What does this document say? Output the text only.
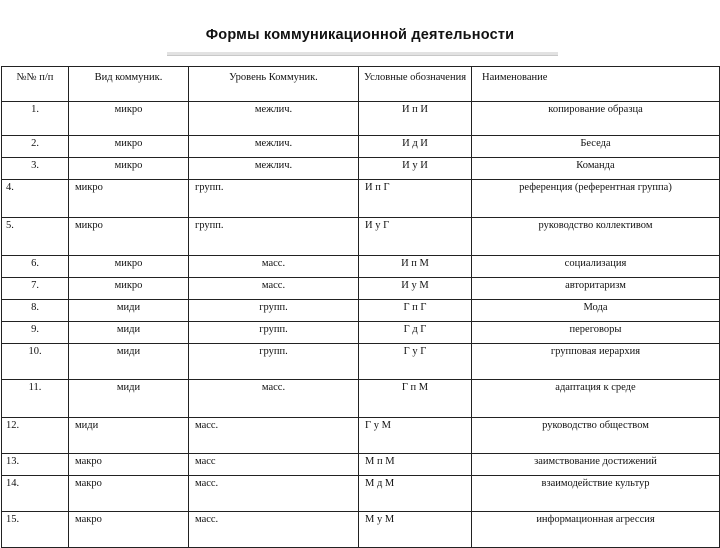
Формы коммуникационной деятельности
№№ п/п	Вид коммуник.	Уровень Коммуник.	Условные обозначения	Наименование
1.	микро	межлич.	И п И	копирование образца
2.	микро	межлич.	И д И	Беседа
3.	микро	межлич.	И у И	Команда
4.	микро	групп.	И п Г	референция (референтная группа)
5.	микро	групп.	И у Г	руководство коллективом
6.	микро	масс.	И п М	социализация
7.	микро	масс.	И у М	авторитаризм
8.	миди	групп.	Г п Г	Мода
9.	миди	групп.	Г д Г	переговоры
10.	миди	групп.	Г у Г	групповая иерархия
11.	миди	масс.	Г п М	адаптация к среде
12.	миди	масс.	Г у М	руководство обществом
13.	макро	масс	М п М	заимствование достижений
14.	макро	масс.	М д М	взаимодействие культур
15.	макро	масс.	М у М	информационная агрессия
